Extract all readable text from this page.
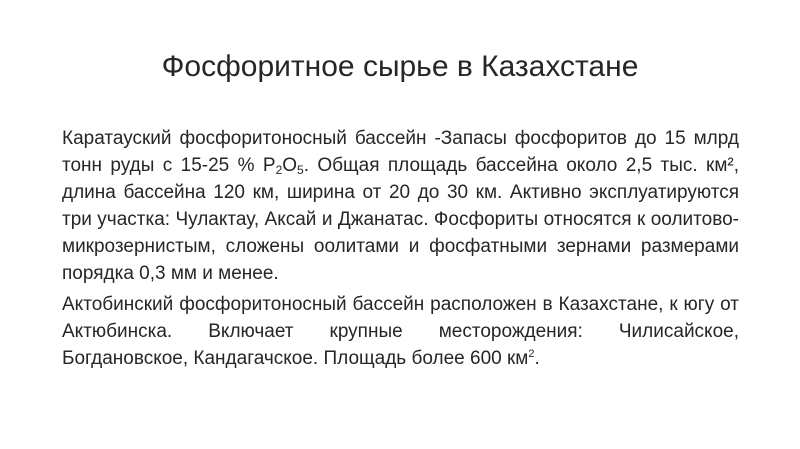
Фосфоритное сырье в Казахстане

Каратауский фосфоритоносный бассейн -Запасы фосфоритов до 15 млрд тонн руды с 15-25 % $P_2O_5$. Общая площадь бассейна около 2,5 тыс. км², длина бассейна 120 км, ширина от 20 до 30 км. Активно эксплуатируются три участка: Чулактау, Аксай и Джанатас. Фосфориты относятся к оолитово-микрозернистым, сложены оолитами и фосфатными зернами размерами порядка 0,3 мм и менее.

Актобинский фосфоритоносный бассейн расположен в Казахстане, к югу от Актюбинска. Включает крупные месторождения: Чилисайское, Богдановское, Кандагачское. Площадь более 600 $км^2$.
